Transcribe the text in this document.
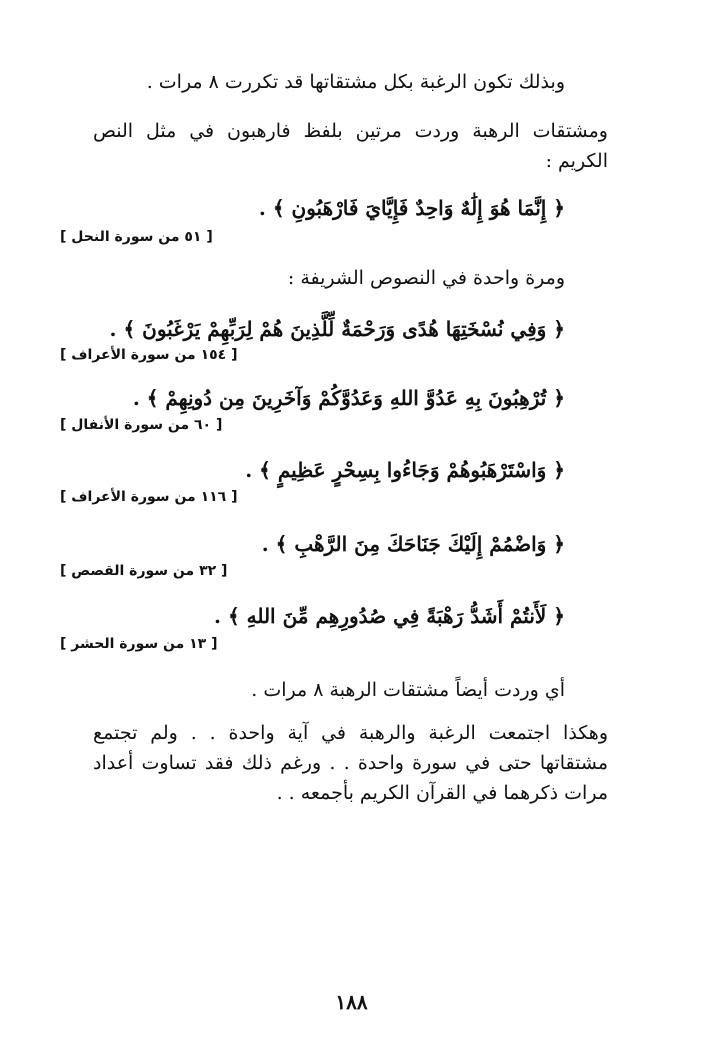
وبذلك تكون الرغبة بكل مشتقاتها قد تكررت ٨ مرات .
ومشتقات الرهبة وردت مرتين بلفظ فارهبون في مثل النص الكريم :
﴿ إِنَّمَا هُوَ إِلَٰهٌ وَاحِدٌ فَإِيَّايَ فَارْهَبُونِ ﴾ .
[ ٥١ من سورة النحل ]
ومرة واحدة في النصوص الشريفة :
﴿ وَفِي نُسْخَتِهَا هُدًى وَرَحْمَةٌ لِّلَّذِينَ هُمْ لِرَبِّهِمْ يَرْغَبُونَ ﴾ .
[ ١٥٤ من سورة الأعراف ]
﴿ تُرْهِبُونَ بِهِ عَدُوَّ اللهِ وَعَدُوَّكُمْ وَآخَرِينَ مِن دُونِهِمْ ﴾ .
[ ٦٠ من سورة الأنفال ]
﴿ وَاسْتَرْهَبُوهُمْ وَجَاءُوا بِسِحْرٍ عَظِيمٍ ﴾ .
[ ١١٦ من سورة الأعراف ]
﴿ وَاضْمُمْ إِلَيْكَ جَنَاحَكَ مِنَ الرَّهْبِ ﴾ .
[ ٣٢ من سورة القصص ]
﴿ لَأَنتُمْ أَشَدُّ رَهْبَةً فِي صُدُورِهِم مِّنَ اللهِ ﴾ .
[ ١٣ من سورة الحشر ]
أي وردت أيضاً مشتقات الرهبة ٨ مرات .
وهكذا اجتمعت الرغبة والرهبة في آية واحدة . . ولم تجتمع مشتقاتها حتى في سورة واحدة . . ورغم ذلك فقد تساوت أعداد مرات ذكرهما في القرآن الكريم بأجمعه . .
١٨٨
